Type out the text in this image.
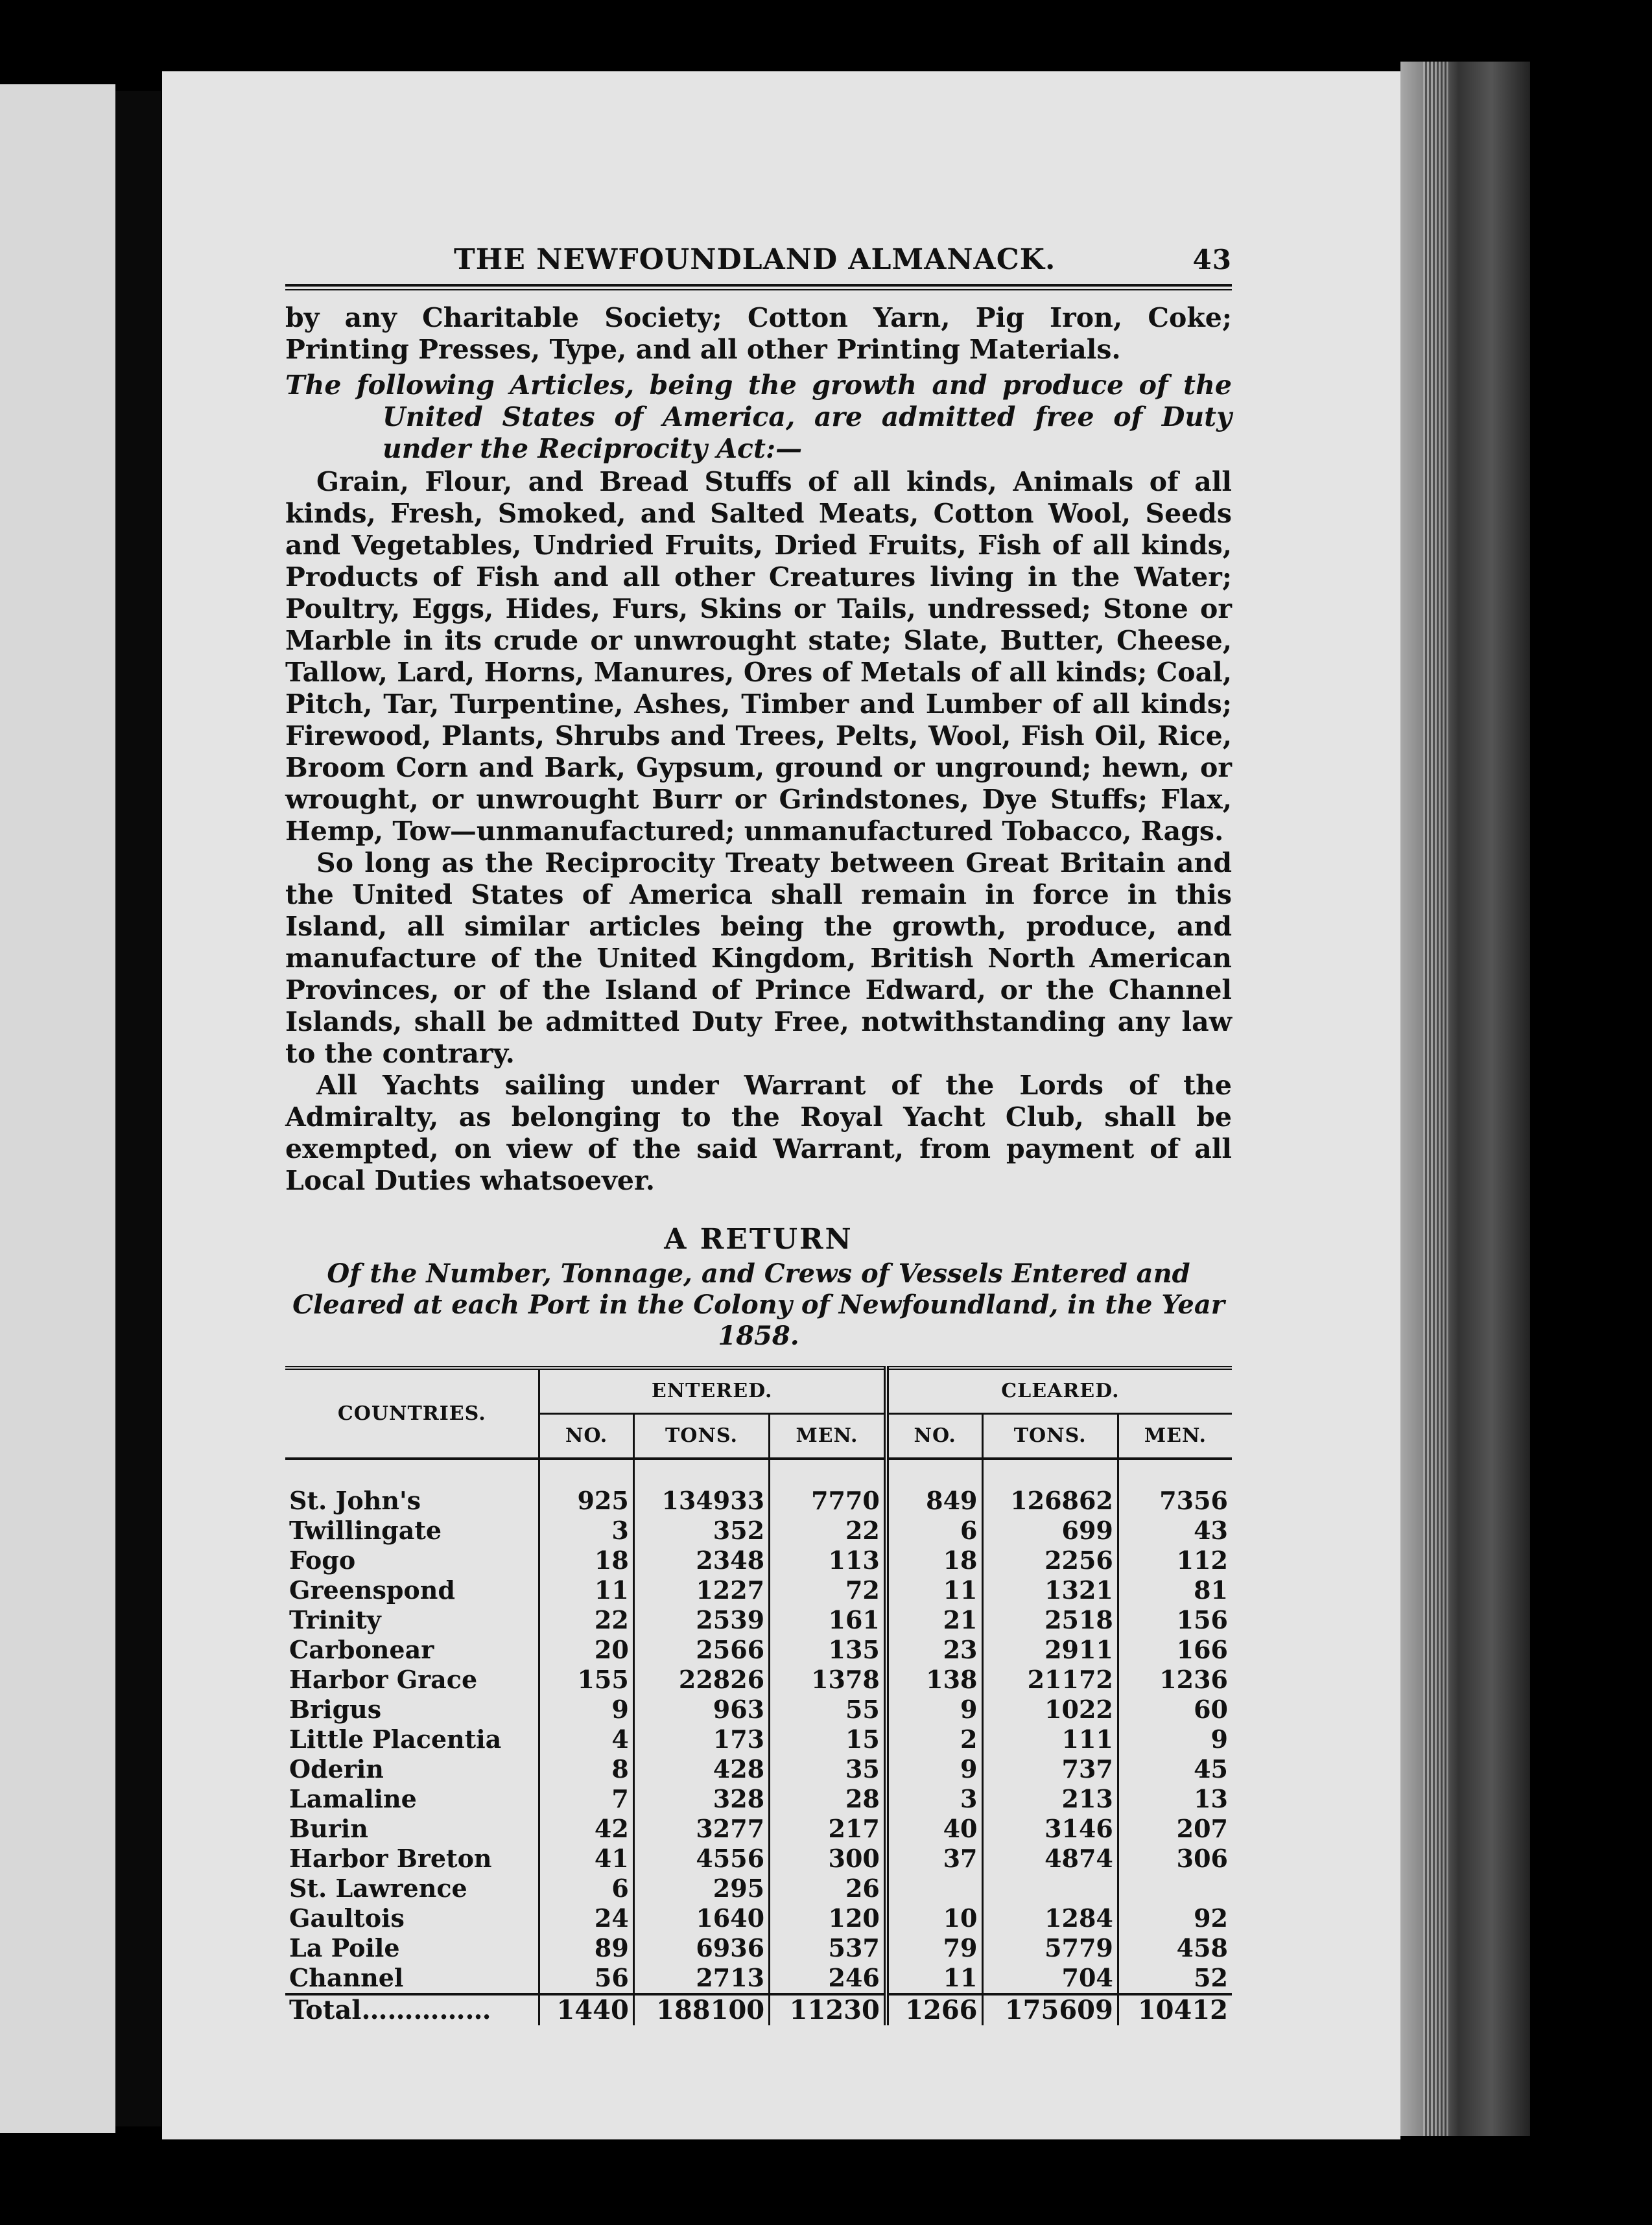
THE NEWFOUNDLAND ALMANACK.	43

by any Charitable Society; Cotton Yarn, Pig Iron, Coke; Printing Presses, Type, and all other Printing Materials.

The following Articles, being the growth and produce of the United States of America, are admitted free of Duty under the Reciprocity Act:—

Grain, Flour, and Bread Stuffs of all kinds, Animals of all kinds, Fresh, Smoked, and Salted Meats, Cotton Wool, Seeds and Vegetables, Undried Fruits, Dried Fruits, Fish of all kinds, Products of Fish and all other Creatures living in the Water; Poultry, Eggs, Hides, Furs, Skins or Tails, undressed; Stone or Marble in its crude or unwrought state; Slate, Butter, Cheese, Tallow, Lard, Horns, Manures, Ores of Metals of all kinds; Coal, Pitch, Tar, Turpentine, Ashes, Timber and Lumber of all kinds; Firewood, Plants, Shrubs and Trees, Pelts, Wool, Fish Oil, Rice, Broom Corn and Bark, Gypsum, ground or unground; hewn, or wrought, or unwrought Burr or Grindstones, Dye Stuffs; Flax, Hemp, Tow—unmanufactured; unmanufactured Tobacco, Rags.

So long as the Reciprocity Treaty between Great Britain and the United States of America shall remain in force in this Island, all similar articles being the growth, produce, and manufacture of the United Kingdom, British North American Provinces, or of the Island of Prince Edward, or the Channel Islands, shall be admitted Duty Free, notwithstanding any law to the contrary.

All Yachts sailing under Warrant of the Lords of the Admiralty, as belonging to the Royal Yacht Club, shall be exempted, on view of the said Warrant, from payment of all Local Duties whatsoever.

A RETURN
Of the Number, Tonnage, and Crews of Vessels Entered and Cleared at each Port in the Colony of Newfoundland, in the Year 1858.
COUNTRIES.	ENTERED.			CLEARED.		
	NO.	TONS.	MEN.	NO.	TONS.	MEN.

St. John's	925	134933	7770	849	126862	7356
Twillingate	3	352	22	6	699	43
Fogo	18	2348	113	18	2256	112
Greenspond	11	1227	72	11	1321	81
Trinity	22	2539	161	21	2518	156
Carbonear	20	2566	135	23	2911	166
Harbor Grace	155	22826	1378	138	21172	1236
Brigus	9	963	55	9	1022	60
Little Placentia	4	173	15	2	111	9
Oderin	8	428	35	9	737	45
Lamaline	7	328	28	3	213	13
Burin	42	3277	217	40	3146	207
Harbor Breton	41	4556	300	37	4874	306
St. Lawrence	6	295	26			
Gaultois	24	1640	120	10	1284	92
La Poile	89	6936	537	79	5779	458
Channel	56	2713	246	11	704	52
Total……………	1440	188100	11230	1266	175609	10412
